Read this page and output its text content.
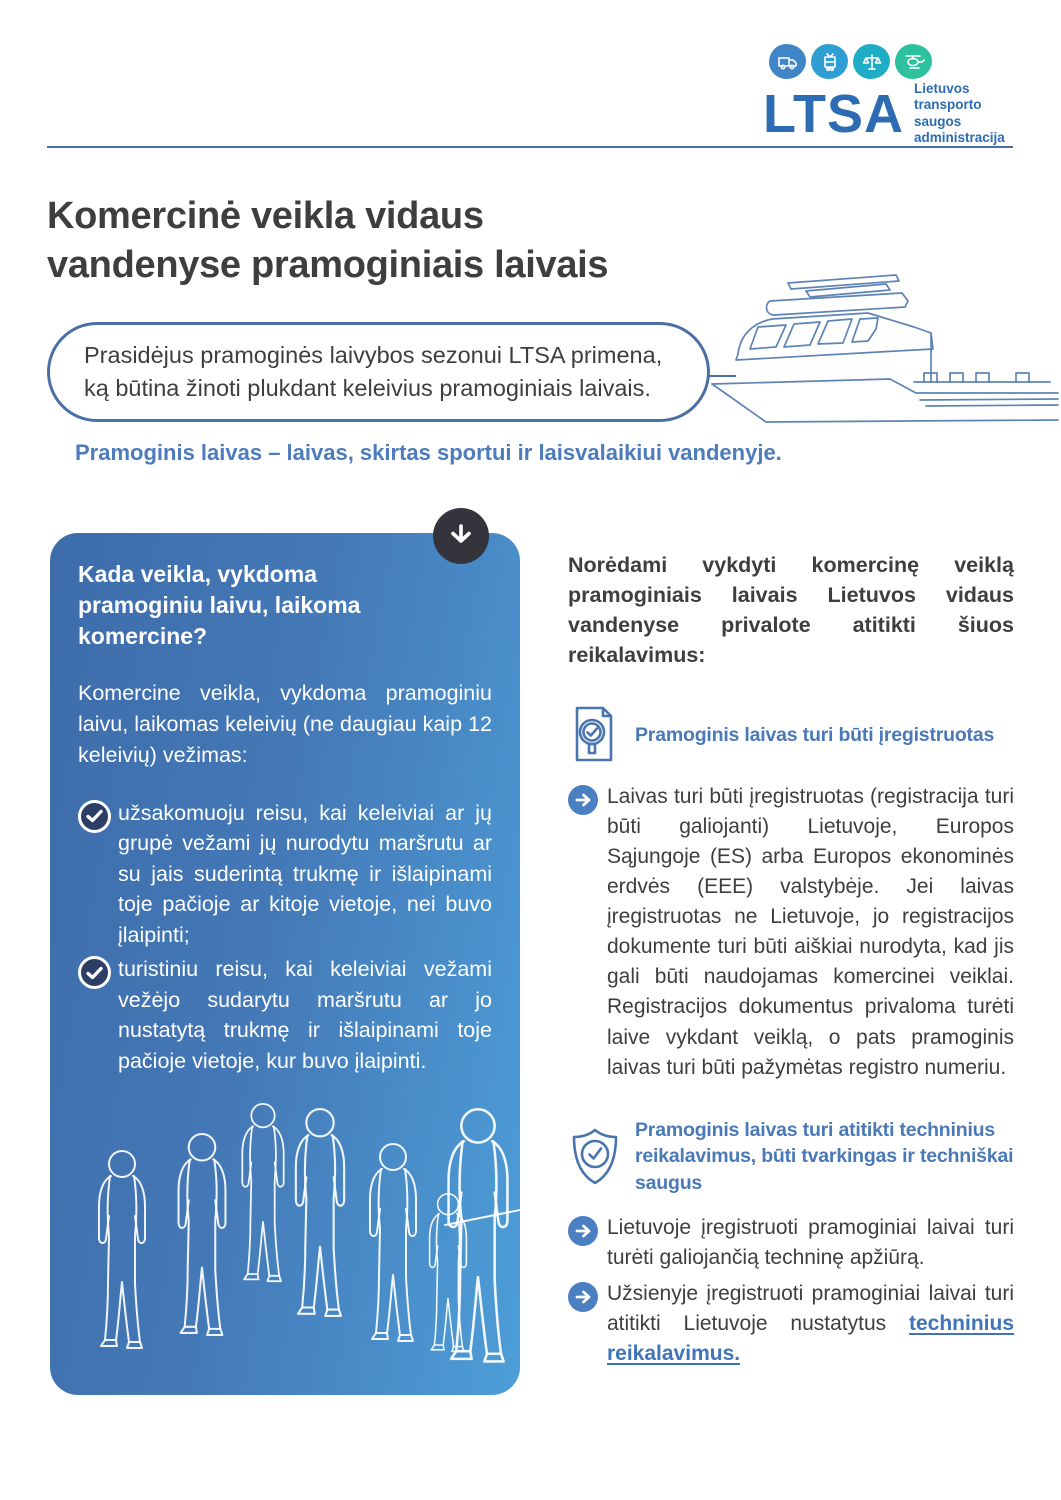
LTSA Lietuvos
transporto saugos
administracija
Komercinė veikla vidaus
vandenyse pramoginiais laivais
Prasidėjus pramoginės laivybos sezonui LTSA primena, ką būtina žinoti plukdant keleivius pramoginiais laivais.
Pramoginis laivas – laivas, skirtas sportui ir laisvalaikiui vandenyje.
Kada veikla, vykdoma pramoginiu laivu, laikoma komercine?
Komercine veikla, vykdoma pramoginiu laivu, laikomas keleivių (ne daugiau kaip 12 keleivių) vežimas:
užsakomuoju reisu, kai keleiviai ar jų grupė vežami jų nurodytu maršrutu ar su jais suderintą trukmę ir išlaipinami toje pačioje ar kitoje vietoje, nei buvo įlaipinti;
turistiniu reisu, kai keleiviai vežami vežėjo sudarytu maršrutu ar jo nustatytą trukmę ir išlaipinami toje pačioje vietoje, kur buvo įlaipinti.
Norėdami vykdyti komercinę veiklą pramoginiais laivais Lietuvos vidaus vandenyse privalote atitikti šiuos reikalavimus:
Pramoginis laivas turi būti įregistruotas
Laivas turi būti įregistruotas (registracija turi būti galiojanti) Lietuvoje, Europos Sąjungoje (ES) arba Europos ekonominės erdvės (EEE) valstybėje. Jei laivas įregistruotas ne Lietuvoje, jo registracijos dokumente turi būti aiškiai nurodyta, kad jis gali būti naudojamas komercinei veiklai. Registracijos dokumentus privaloma turėti laive vykdant veiklą, o pats pramoginis laivas turi būti pažymėtas registro numeriu.
Pramoginis laivas turi atitikti techninius reikalavimus, būti tvarkingas ir techniškai saugus
Lietuvoje įregistruoti pramoginiai laivai turi turėti galiojančią techninę apžiūrą.
Užsienyje įregistruoti pramoginiai laivai turi atitikti Lietuvoje nustatytus techninius reikalavimus.
